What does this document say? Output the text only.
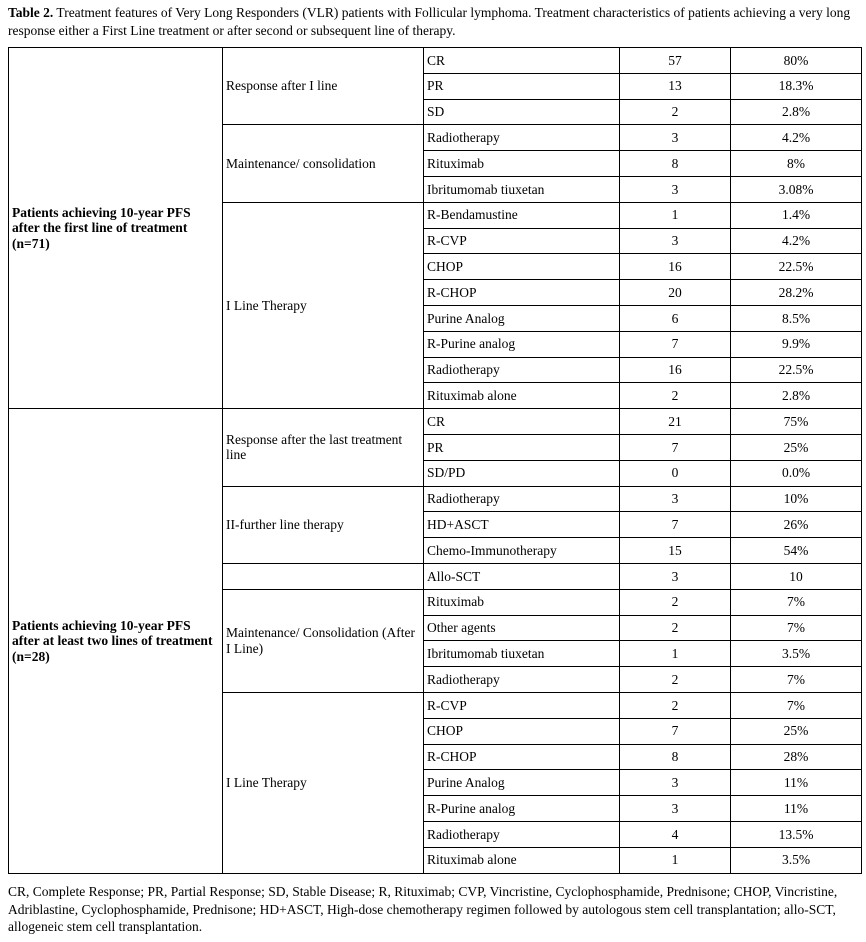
Table 2. Treatment features of Very Long Responders (VLR) patients with Follicular lymphoma. Treatment characteristics of patients achieving a very long response either a First Line treatment or after second or subsequent line of therapy.
Patients achieving 10-year PFS after the first line of treatment (n=71)	Response after I line	CR	57	80%
		PR	13	18.3%
		SD	2	2.8%
	Maintenance/ consolidation	Radiotherapy	3	4.2%
		Rituximab	8	8%
		Ibritumomab tiuxetan	3	3.08%
	I Line Therapy	R-Bendamustine	1	1.4%
		R-CVP	3	4.2%
		CHOP	16	22.5%
		R-CHOP	20	28.2%
		Purine Analog	6	8.5%
		R-Purine analog	7	9.9%
		Radiotherapy	16	22.5%
		Rituximab alone	2	2.8%
Patients achieving 10-year PFS after at least two lines of treatment (n=28)	Response after the last treatment line	CR	21	75%
		PR	7	25%
		SD/PD	0	0.0%
	II-further line therapy	Radiotherapy	3	10%
		HD+ASCT	7	26%
		Chemo-Immunotherapy	15	54%
		Allo-SCT	3	10
	Maintenance/ Consolidation (After I Line)	Rituximab	2	7%
		Other agents	2	7%
		Ibritumomab tiuxetan	1	3.5%
		Radiotherapy	2	7%
	I Line Therapy	R-CVP	2	7%
		CHOP	7	25%
		R-CHOP	8	28%
		Purine Analog	3	11%
		R-Purine analog	3	11%
		Radiotherapy	4	13.5%
		Rituximab alone	1	3.5%
CR, Complete Response; PR, Partial Response; SD, Stable Disease; R, Rituximab; CVP, Vincristine, Cyclophosphamide, Prednisone; CHOP, Vincristine, Adriblastine, Cyclophosphamide, Prednisone; HD+ASCT, High-dose chemotherapy regimen followed by autologous stem cell transplantation; allo-SCT, allogeneic stem cell transplantation.
